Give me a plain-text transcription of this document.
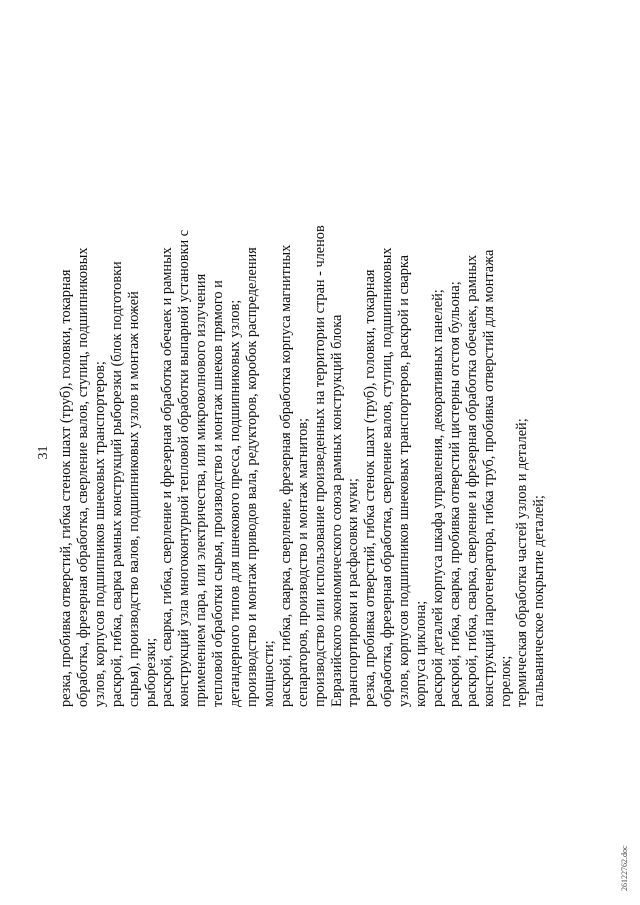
31 резка, пробивка отверстий, гибка стенок шахт (труб), головки, токарная обработка, фрезерная обработка, сверление валов, ступиц, подшипниковых узлов, корпусов подшипников шнековых транспортеров; раскрой, гибка, сварка рамных конструкций рыборезки (блок подготовки сырья), производство валов, подшипниковых узлов и монтаж ножей рыборезки; раскрой, сварка, гибка, сверление и фрезерная обработка обечаек и рамных конструкций узла многоконтурной тепловой обработки выпарной установки с применением пара, или электричества, или микроволнового излучения тепловой обработки сырья, производство и монтаж шнеков прямого и детандерного типов для шнекового пресса, подшипниковых узлов; производство и монтаж приводов вала, редукторов, коробок распределения мощности; раскрой, гибка, сварка, сверление, фрезерная обработка корпуса магнитных сепараторов, производство и монтаж магнитов; производство или использование произведенных на территории стран - членов Евразийского экономического союза рамных конструкций блока транспортировки и расфасовки муки; резка, пробивка отверстий, гибка стенок шахт (труб), головки, токарная обработка, фрезерная обработка, сверление валов, ступиц, подшипниковых узлов, корпусов подшипников шнековых транспортеров, раскрой и сварка корпуса циклона; раскрой деталей корпуса шкафа управления, декоративных панелей; раскрой, гибка, сварка, пробивка отверстий цистерны отстоя бульона; раскрой, гибка, сварка, сверление и фрезерная обработка обечаек, рамных конструкций парогенератора, гибка труб, пробивка отверстий для монтажа горелок; термическая обработка частей узлов и деталей; гальваническое покрытие деталей;
26122762.doc
